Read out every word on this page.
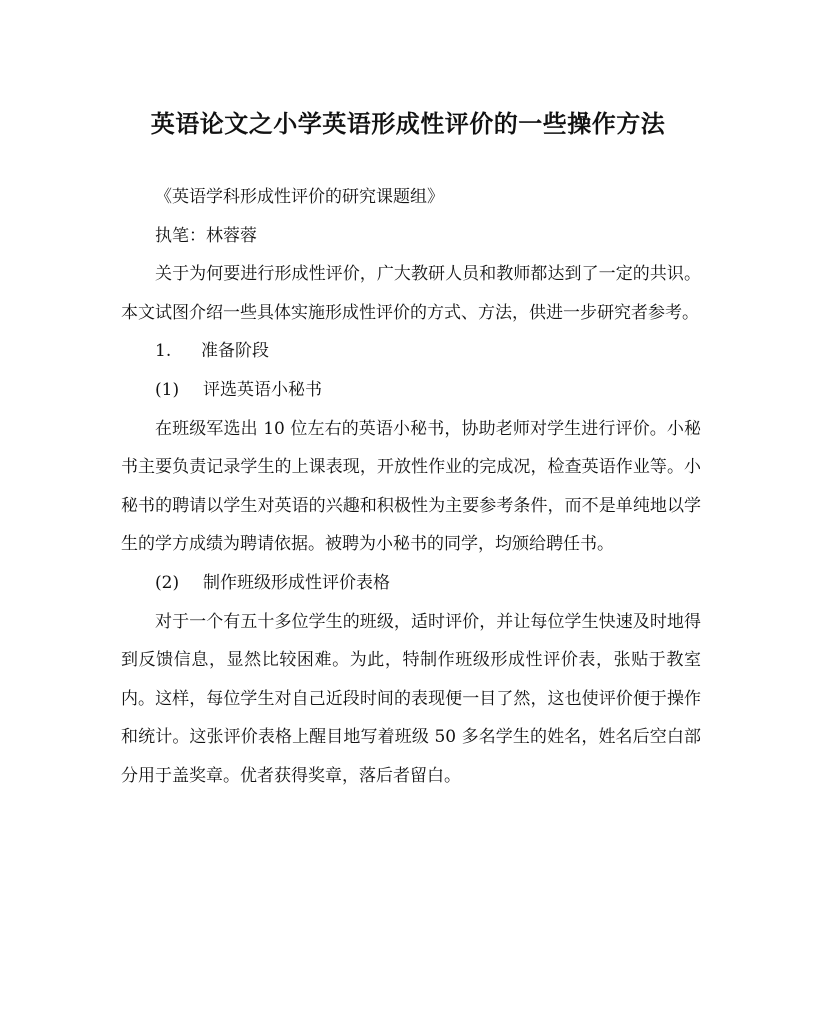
英语论文之小学英语形成性评价的一些操作方法

《英语学科形成性评价的研究课题组》

执笔：林蓉蓉

关于为何要进行形成性评价，广大教研人员和教师都达到了一定的共识。本文试图介绍一些具体实施形成性评价的方式、方法，供进一步研究者参考。

1. 准备阶段

(1) 评选英语小秘书

在班级军选出 10 位左右的英语小秘书，协助老师对学生进行评价。小秘书主要负责记录学生的上课表现，开放性作业的完成况，检查英语作业等。小秘书的聘请以学生对英语的兴趣和积极性为主要参考条件，而不是单纯地以学生的学方成绩为聘请依据。被聘为小秘书的同学，均颁给聘任书。

(2) 制作班级形成性评价表格

对于一个有五十多位学生的班级，适时评价，并让每位学生快速及时地得到反馈信息，显然比较困难。为此，特制作班级形成性评价表，张贴于教室内。这样，每位学生对自己近段时间的表现便一目了然，这也使评价便于操作和统计。这张评价表格上醒目地写着班级 50 多名学生的姓名，姓名后空白部分用于盖奖章。优者获得奖章，落后者留白。
